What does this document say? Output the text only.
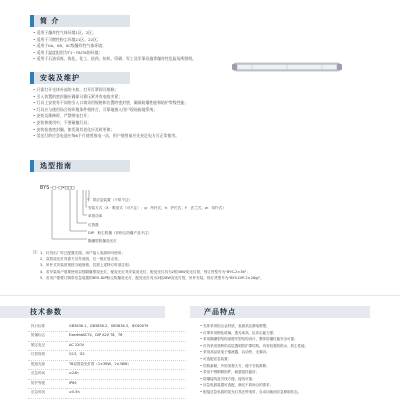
简 介
• 适用于爆炸性气体环境1区、2区；
• 适用于可燃性粉尘环境21区、22区；
• 适用于IIA、IIB、IIC级爆炸性气体环境；
• 适用于温度组别为T1~T6/T6的环境；
• 适用于石油采炼、炼化、化工、医药、纺织、印刷、军工及军事设施等爆炸性危险场所照明。
安装及维护
• 只需打开壳体外部的卡扣，打开灯罩即可维修；
• 引入装置的密封圈应确保可靠压紧并有电线夹紧；
• 灯具上安装有不同的引入口请采用规格和位置的密封垫，确保防爆性能和防护等级性能；
• 灯具应与使用场合的环境条件相符合，可靠地接入用户现场接地系统；
• 安装及维修时，严禁带电打开；
• 安装和使用中，不要碰撞灯具；
• 安装检查密封圈，如发现其老化应及时更换；
• 荧光灯的应急电池应每6个月使用放电一次，用户使用前应先充足电方可正常使用。
选型指南
BYS-□-□×□□□
J：带应急装置（不带不注）
安装方式（X：吸顶式（可不注）；g：吊杆式；h：护栏式；F：法兰式；w：弯杆式）
单管功率
灯管数
DIP：粉尘防爆（非粉尘防爆产品不注）
隔爆型防爆荧光灯
注： 1、灯具出厂时已配置光源，用户接入电源即可使用；
2、双管荧光灯具需方另外说明，仅一根灯管点亮；
3、吊杆式安装常规按当地规格，若需上述特订时请注明；
4、若安装用户需要使用双管隔爆型荧光灯，配荧光灯具安装荧光灯，配荧光灯具为2根36W荧光灯管，则订货型号为"BYS-2×36"；
5、若用户需要订购带应急装置的BYS-DIP粉尘防爆荧光灯，配荧光灯具为2根28W荧光灯管，吊杆安装，则订货型号为"BYS-DIP-2×28gJ"。
技术参数
执行标准	GB3836.1、GB3836.2、GB3836.3、IEC60079
防爆标志	ExedmbⅡCT4、DIP A20 T6、T6
额定电压	AC 220V
灯管规格	G13、G5
配接光源	T8双管荧光灯管（1×36W、2×36W）
应急时间	≥24h
防护等级	IP65
应急时间	≥0.5h
产品特点
• 壳体采用铝合金材质，表面高压静电喷塑；
• 灯罩采用钢化玻璃，透光率高，抗冲击能力强；
• 采用隔爆型结构加增安型结构设计，整体防爆性能安全可靠；
• 灯具采用独特的双层透明防护罩结构，具有较强的防水、防尘性能；
• 采用高品质电子镇流器，启动快、无频闪；
• 可选配应急装置；
• 结构新颖，外形美观大方，便于安装维修；
• 采用不锈钢紧固件，耐腐蚀性能好；
• 防爆接线盒引线方便，接线可靠；
• 应急电源装置可选配，满足不同场合的需求；
• 配接应急电源的荧光灯具在停电时，自动切换到应急照明状态。
